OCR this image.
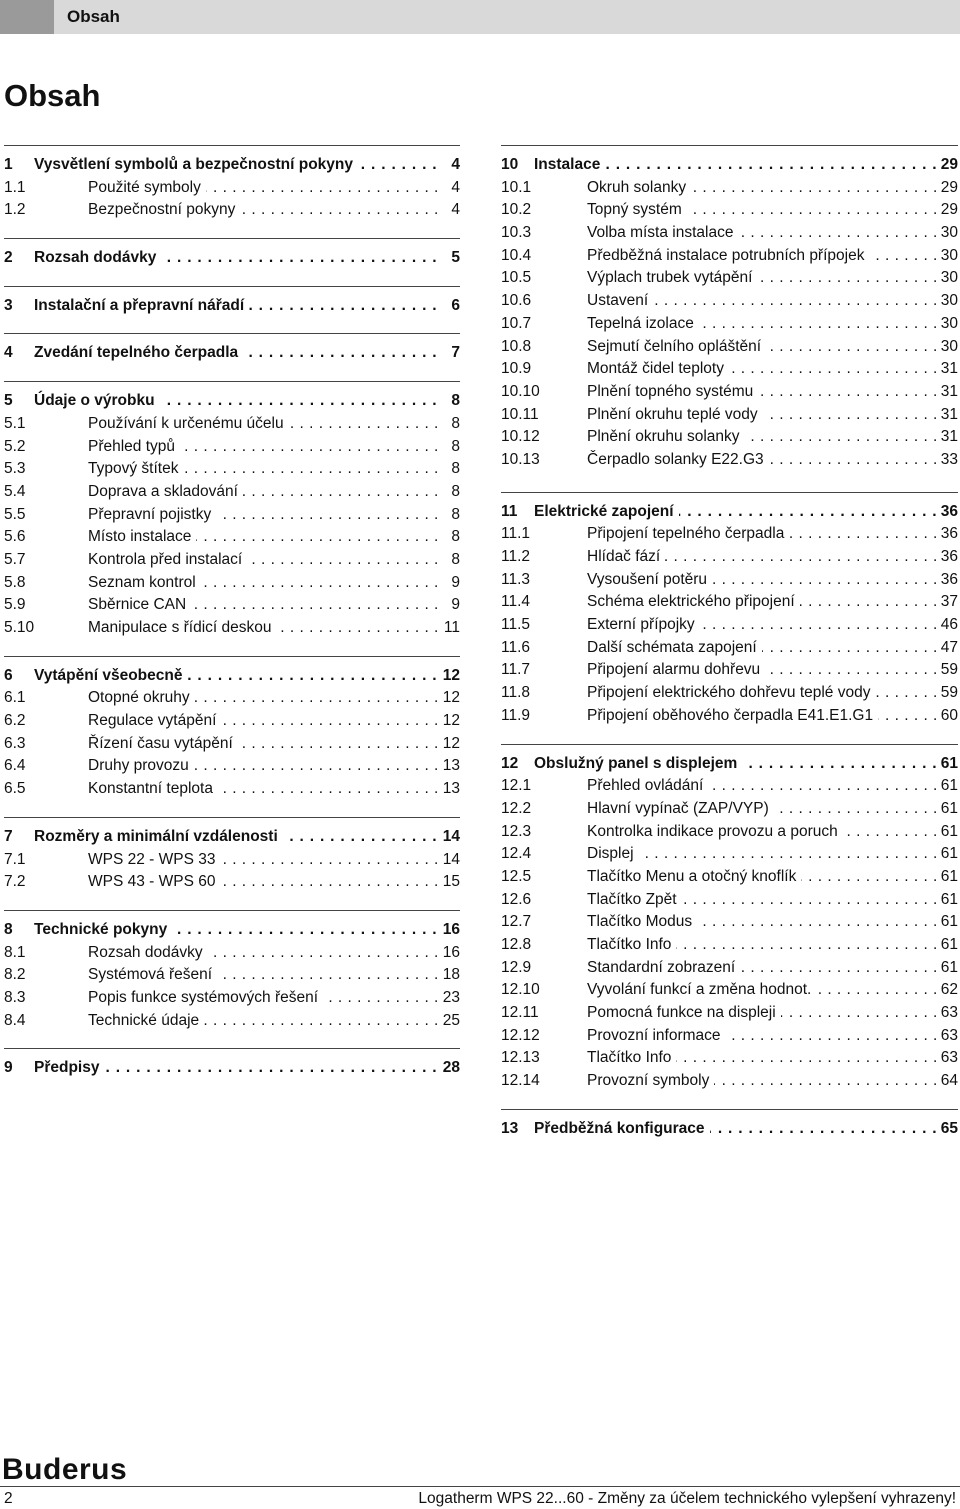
Obsah
Obsah
1 Vysvětlení symbolů a bezpečnostní pokyny . . .	4
1.1	Použité symboly . . .	4
1.2	Bezpečnostní pokyny . . .	4
2 Rozsah dodávky . . .	5
3 Instalační a přepravní nářadí . . .	6
4 Zvedání tepelného čerpadla . . .	7
5 Údaje o výrobku . . .	8
5.1	Používání k určenému účelu . . .	8
5.2	Přehled typů . . .	8
5.3	Typový štítek . . .	8
5.4	Doprava a skladování . . .	8
5.5	Přepravní pojistky . . .	8
5.6	Místo instalace . . .	8
5.7	Kontrola před instalací . . .	8
5.8	Seznam kontrol . . .	9
5.9	Sběrnice CAN . . .	9
5.10	Manipulace s řídicí deskou . . .	11
6 Vytápění všeobecně . . .	12
6.1	Otopné okruhy . . .	12
6.2	Regulace vytápění . . .	12
6.3	Řízení času vytápění . . .	12
6.4	Druhy provozu . . .	13
6.5	Konstantní teplota . . .	13
7 Rozměry a minimální vzdálenosti . . .	14
7.1	WPS 22 - WPS 33 . . .	14
7.2	WPS 43 - WPS 60 . . .	15
8 Technické pokyny . . .	16
8.1	Rozsah dodávky . . .	16
8.2	Systémová řešení . . .	18
8.3	Popis funkce systémových řešení . . .	23
8.4	Technické údaje . . .	25
9 Předpisy . . .	28
10 Instalace . . .	29
10.1	Okruh solanky . . .	29
10.2	Topný systém . . .	29
10.3	Volba místa instalace . . .	30
10.4	Předběžná instalace potrubních přípojek . . .	30
10.5	Výplach trubek vytápění . . .	30
10.6	Ustavení . . .	30
10.7	Tepelná izolace . . .	30
10.8	Sejmutí čelního opláštění . . .	30
10.9	Montáž čidel teploty . . .	31
10.10	Plnění topného systému . . .	31
10.11	Plnění okruhu teplé vody . . .	31
10.12	Plnění okruhu solanky . . .	31
10.13	Čerpadlo solanky E22.G3 . . .	33
11 Elektrické zapojení . . .	36
11.1	Připojení tepelného čerpadla . . .	36
11.2	Hlídač fází . . .	36
11.3	Vysoušení potěru . . .	36
11.4	Schéma elektrického připojení . . .	37
11.5	Externí přípojky . . .	46
11.6	Další schémata zapojení . . .	47
11.7	Připojení alarmu dohřevu . . .	59
11.8	Připojení elektrického dohřevu teplé vody . . .	59
11.9	Připojení oběhového čerpadla E41.E1.G1 . . .	60
12 Obslužný panel s displejem . . .	61
12.1	Přehled ovládání . . .	61
12.2	Hlavní vypínač (ZAP/VYP) . . .	61
12.3	Kontrolka indikace provozu a poruch . . .	61
12.4	Displej . . .	61
12.5	Tlačítko Menu a otočný knoflík . . .	61
12.6	Tlačítko Zpět . . .	61
12.7	Tlačítko Modus . . .	61
12.8	Tlačítko Info . . .	61
12.9	Standardní zobrazení . . .	61
12.10	Vyvolání funkcí a změna hodnot. . . .	62
12.11	Pomocná funkce na displeji . . .	63
12.12	Provozní informace . . .	63
12.13	Tlačítko Info . . .	63
12.14	Provozní symboly . . .	64
13 Předběžná konfigurace . . .	65
Buderus
2	Logatherm WPS 22...60 - Změny za účelem technického vylepšení vyhrazeny!
